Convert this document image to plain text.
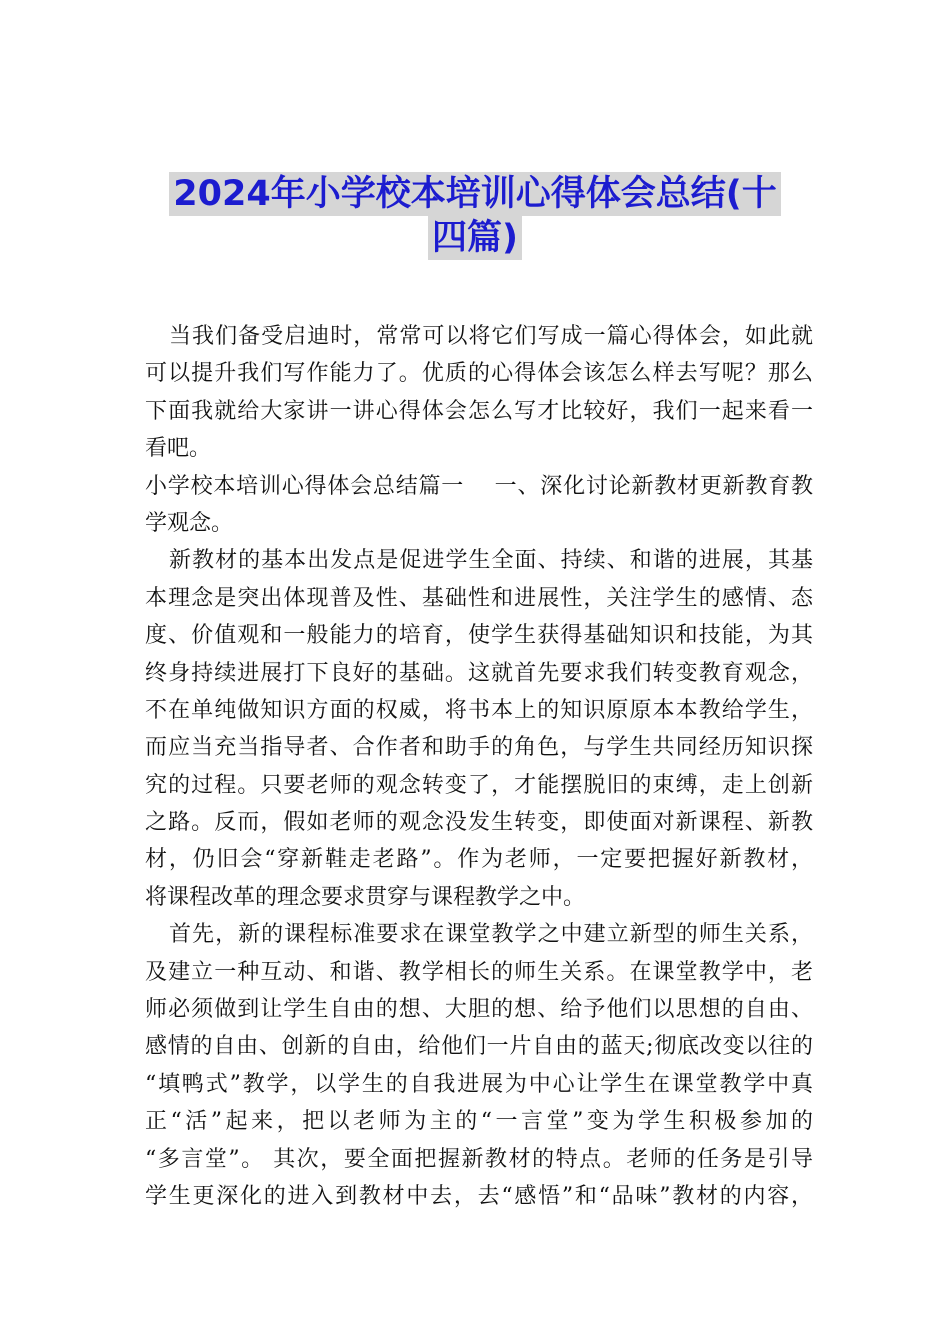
2024年小学校本培训心得体会总结(十
四篇)
当我们备受启迪时，常常可以将它们写成一篇心得体会，如此就
可以提升我们写作能力了。优质的心得体会该怎么样去写呢？那么
下面我就给大家讲一讲心得体会怎么写才比较好，我们一起来看一
看吧。
小学校本培训心得体会总结篇一　 一、深化讨论新教材更新教育教
学观念。
新教材的基本出发点是促进学生全面、持续、和谐的进展，其基
本理念是突出体现普及性、基础性和进展性，关注学生的感情、态
度、价值观和一般能力的培育，使学生获得基础知识和技能，为其
终身持续进展打下良好的基础。这就首先要求我们转变教育观念，
不在单纯做知识方面的权威，将书本上的知识原原本本教给学生，
而应当充当指导者、合作者和助手的角色，与学生共同经历知识探
究的过程。只要老师的观念转变了，才能摆脱旧的束缚，走上创新
之路。反而，假如老师的观念没发生转变，即使面对新课程、新教
材，仍旧会“穿新鞋走老路”。作为老师，一定要把握好新教材，
将课程改革的理念要求贯穿与课程教学之中。
首先，新的课程标准要求在课堂教学之中建立新型的师生关系，
及建立一种互动、和谐、教学相长的师生关系。在课堂教学中，老
师必须做到让学生自由的想、大胆的想、给予他们以思想的自由、
感情的自由、创新的自由，给他们一片自由的蓝天;彻底改变以往的
“填鸭式”教学，以学生的自我进展为中心让学生在课堂教学中真
正“活”起来，把以老师为主的“一言堂”变为学生积极参加的
“多言堂”。 其次，要全面把握新教材的特点。老师的任务是引导
学生更深化的进入到教材中去，去“感悟”和“品味”教材的内容，
